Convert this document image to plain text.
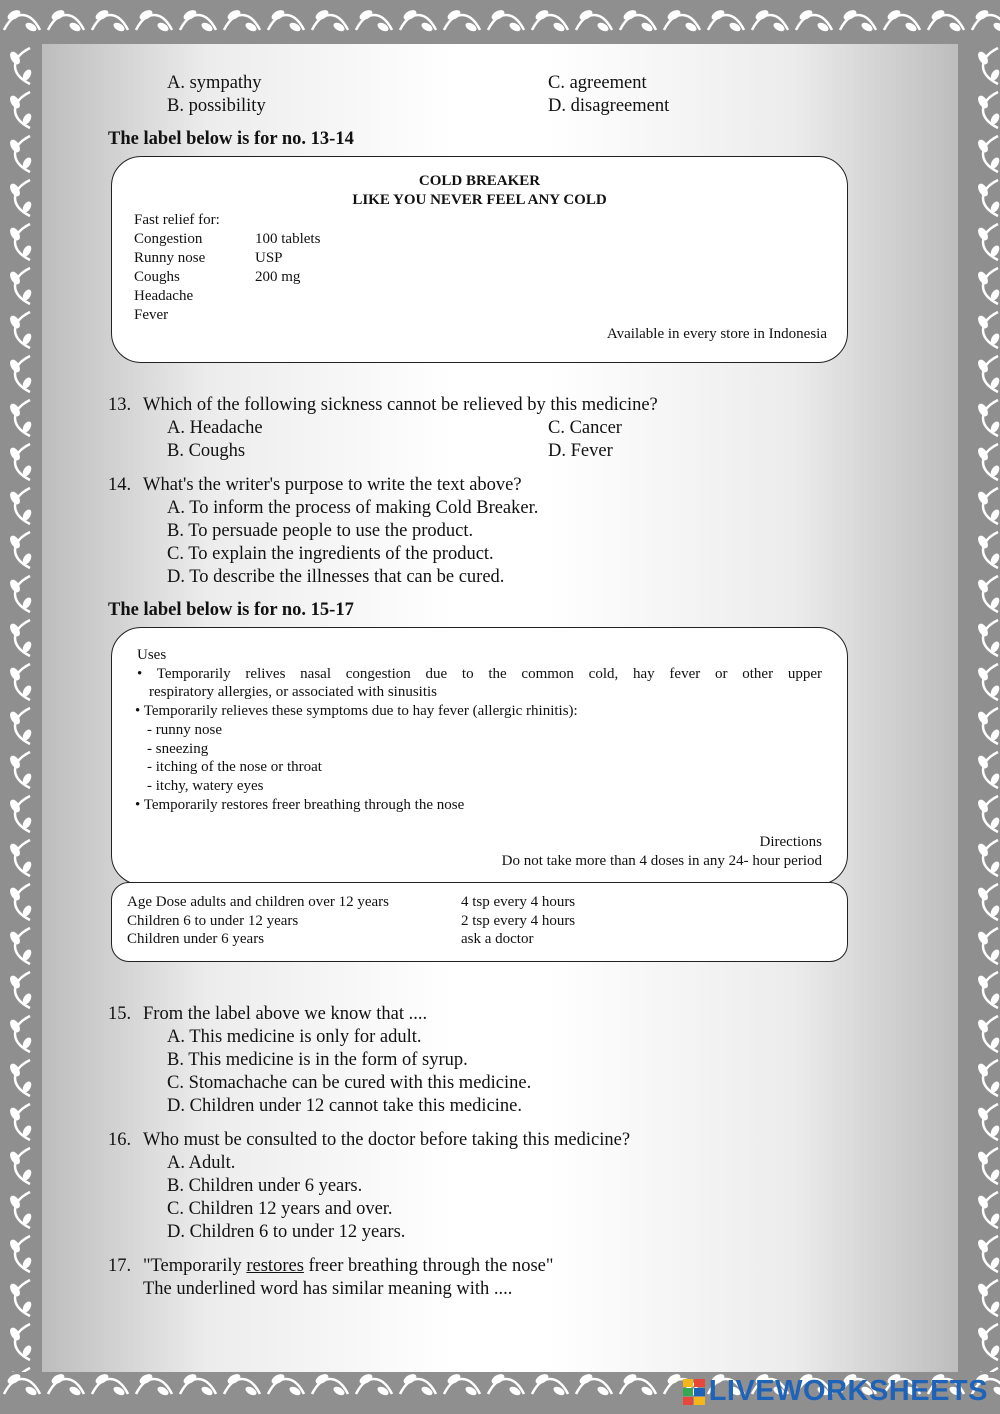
A. sympathy
B. possibility
C. agreement
D. disagreement
The label below is for no. 13-14
COLD BREAKER
LIKE YOU NEVER FEEL ANY COLD
Fast relief for:
Congestion
Runny nose
Coughs
Headache
Fever
100 tablets
USP
200 mg
Available in every store in Indonesia
13. Which of the following sickness cannot be relieved by this medicine?
A. Headache
B. Coughs
C. Cancer
D. Fever
14. What's the writer's purpose to write the text above?
A. To inform the process of making Cold Breaker.
B. To persuade people to use the product.
C. To explain the ingredients of the product.
D. To describe the illnesses that can be cured.
The label below is for no. 15-17
Uses
• Temporarily relives nasal congestion due to the common cold, hay fever or other upper
respiratory allergies, or associated with sinusitis
• Temporarily relieves these symptoms due to hay fever (allergic rhinitis):
- runny nose
- sneezing
- itching of the nose or throat
- itchy, watery eyes
• Temporarily restores freer breathing through the nose
Directions
Do not take more than 4 doses in any 24- hour period
Age Dose adults and children over 12 years
Children 6 to under 12 years
Children under 6 years
4 tsp every 4 hours
2 tsp every 4 hours
ask a doctor
15. From the label above we know that ....
A. This medicine is only for adult.
B. This medicine is in the form of syrup.
C. Stomachache can be cured with this medicine.
D. Children under 12 cannot take this medicine.
16. Who must be consulted to the doctor before taking this medicine?
A. Adult.
B. Children under 6 years.
C. Children 12 years and over.
D. Children 6 to under 12 years.
17. "Temporarily restores freer breathing through the nose"
The underlined word has similar meaning with ....
LIVEWORKSHEETS
